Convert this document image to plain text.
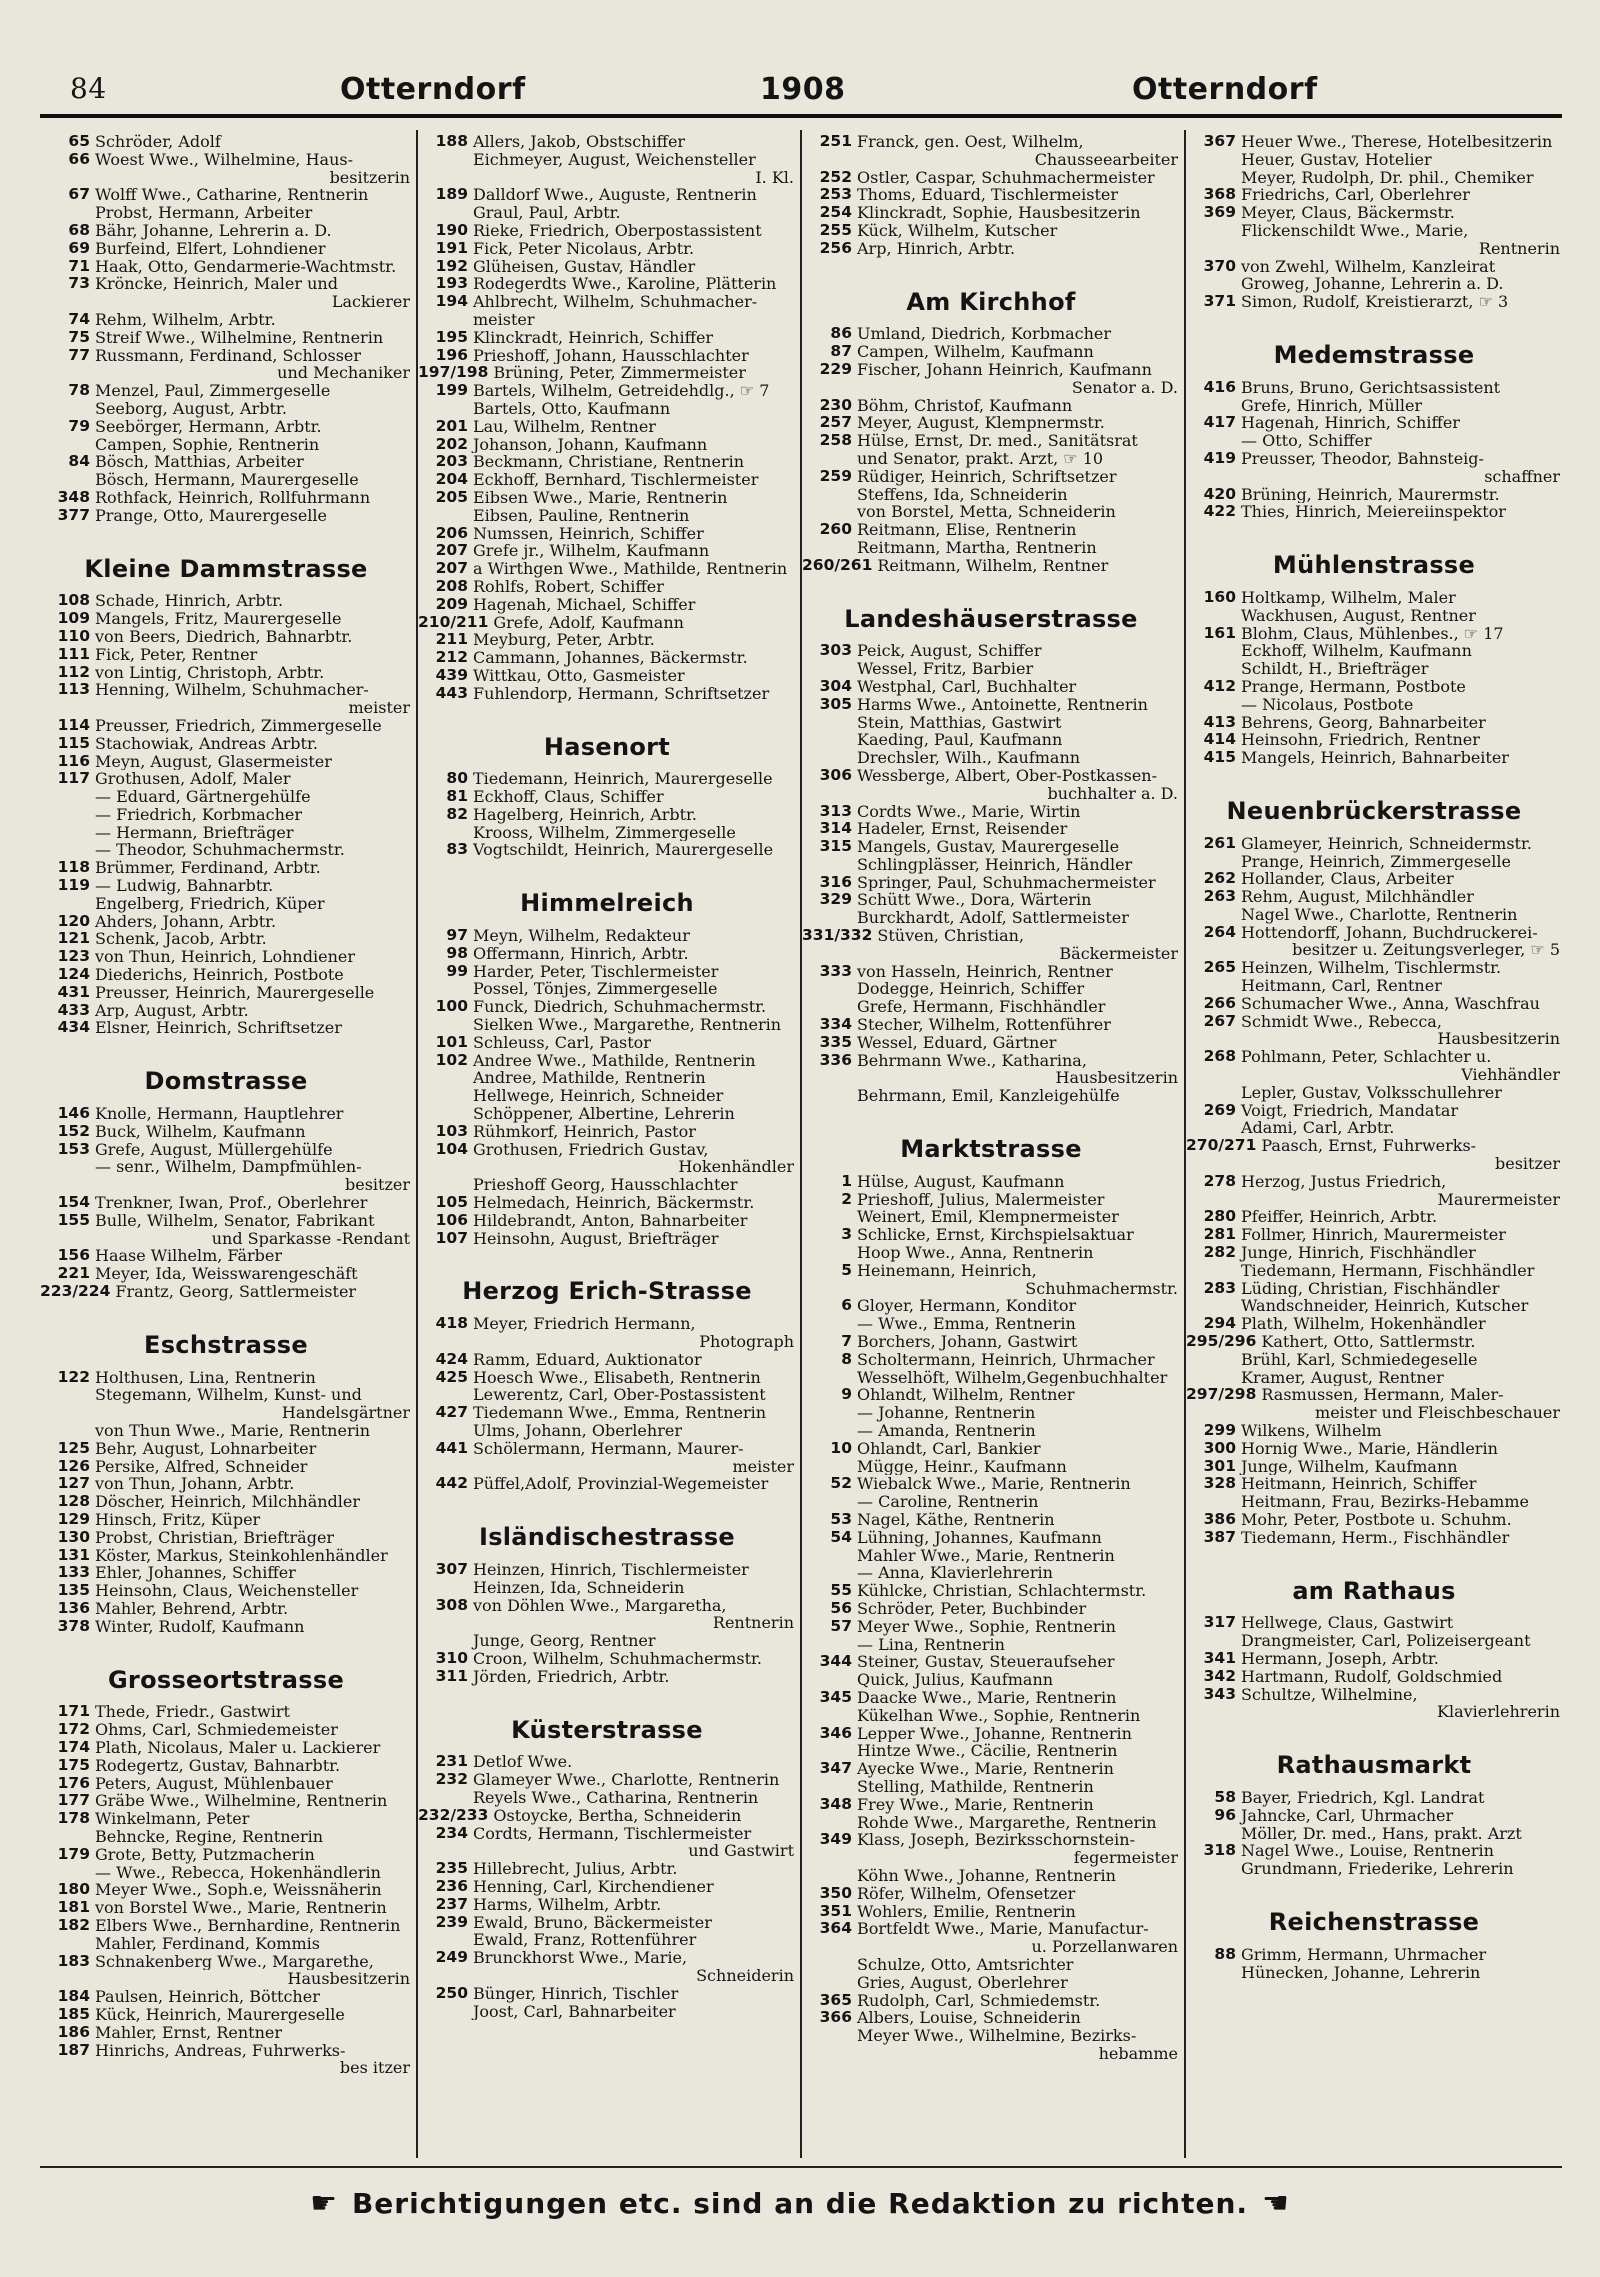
84	Otterndorf	1908	Otterndorf
65 Schröder, Adolf
66 Woest Wwe., Wilhelmine, Haus-
besitzerin
67 Wolff Wwe., Catharine, Rentnerin
Probst, Hermann, Arbeiter
68 Bähr, Johanne, Lehrerin a. D.
69 Burfeind, Elfert, Lohndiener
71 Haak, Otto, Gendarmerie-Wachtmstr.
73 Kröncke, Heinrich, Maler und
Lackierer
74 Rehm, Wilhelm, Arbtr.
75 Streif Wwe., Wilhelmine, Rentnerin
77 Russmann, Ferdinand, Schlosser
und Mechaniker
78 Menzel, Paul, Zimmergeselle
Seeborg, August, Arbtr.
79 Seebörger, Hermann, Arbtr.
Campen, Sophie, Rentnerin
84 Bösch, Matthias, Arbeiter
Bösch, Hermann, Maurergeselle
348 Rothfack, Heinrich, Rollfuhrmann
377 Prange, Otto, Maurergeselle
Kleine Dammstrasse
108 Schade, Hinrich, Arbtr.
109 Mangels, Fritz, Maurergeselle
110 von Beers, Diedrich, Bahnarbtr.
111 Fick, Peter, Rentner
112 von Lintig, Christoph, Arbtr.
113 Henning, Wilhelm, Schuhmacher-
meister
114 Preusser, Friedrich, Zimmergeselle
115 Stachowiak, Andreas Arbtr.
116 Meyn, August, Glasermeister
117 Grothusen, Adolf, Maler
— Eduard, Gärtnergehülfe
— Friedrich, Korbmacher
— Hermann, Briefträger
— Theodor, Schuhmachermstr.
118 Brümmer, Ferdinand, Arbtr.
119 — Ludwig, Bahnarbtr.
Engelberg, Friedrich, Küper
120 Ahders, Johann, Arbtr.
121 Schenk, Jacob, Arbtr.
123 von Thun, Heinrich, Lohndiener
124 Diederichs, Heinrich, Postbote
431 Preusser, Heinrich, Maurergeselle
433 Arp, August, Arbtr.
434 Elsner, Heinrich, Schriftsetzer
Domstrasse
146 Knolle, Hermann, Hauptlehrer
152 Buck, Wilhelm, Kaufmann
153 Grefe, August, Müllergehülfe
— senr., Wilhelm, Dampfmühlen-
besitzer
154 Trenkner, Iwan, Prof., Oberlehrer
155 Bulle, Wilhelm, Senator, Fabrikant
und Sparkasse -Rendant
156 Haase Wilhelm, Färber
221 Meyer, Ida, Weisswarengeschäft
223/224 Frantz, Georg, Sattlermeister
Eschstrasse
122 Holthusen, Lina, Rentnerin
Stegemann, Wilhelm, Kunst- und
Handelsgärtner
von Thun Wwe., Marie, Rentnerin
125 Behr, August, Lohnarbeiter
126 Persike, Alfred, Schneider
127 von Thun, Johann, Arbtr.
128 Döscher, Heinrich, Milchhändler
129 Hinsch, Fritz, Küper
130 Probst, Christian, Briefträger
131 Köster, Markus, Steinkohlenhändler
133 Ehler, Johannes, Schiffer
135 Heinsohn, Claus, Weichensteller
136 Mahler, Behrend, Arbtr.
378 Winter, Rudolf, Kaufmann
Grosseortstrasse
171 Thede, Friedr., Gastwirt
172 Ohms, Carl, Schmiedemeister
174 Plath, Nicolaus, Maler u. Lackierer
175 Rodegertz, Gustav, Bahnarbtr.
176 Peters, August, Mühlenbauer
177 Gräbe Wwe., Wilhelmine, Rentnerin
178 Winkelmann, Peter
Behncke, Regine, Rentnerin
179 Grote, Betty, Putzmacherin
— Wwe., Rebecca, Hokenhändlerin
180 Meyer Wwe., Soph.e, Weissnäherin
181 von Borstel Wwe., Marie, Rentnerin
182 Elbers Wwe., Bernhardine, Rentnerin
Mahler, Ferdinand, Kommis
183 Schnakenberg Wwe., Margarethe,
Hausbesitzerin
184 Paulsen, Heinrich, Böttcher
185 Kück, Heinrich, Maurergeselle
186 Mahler, Ernst, Rentner
187 Hinrichs, Andreas, Fuhrwerks-
bes itzer
188 Allers, Jakob, Obstschiffer
Eichmeyer, August, Weichensteller
I. Kl.
189 Dalldorf Wwe., Auguste, Rentnerin
Graul, Paul, Arbtr.
190 Rieke, Friedrich, Oberpostassistent
191 Fick, Peter Nicolaus, Arbtr.
192 Glüheisen, Gustav, Händler
193 Rodegerdts Wwe., Karoline, Plätterin
194 Ahlbrecht, Wilhelm, Schuhmacher-
meister
195 Klinckradt, Heinrich, Schiffer
196 Prieshoff, Johann, Hausschlachter
197/198 Brüning, Peter, Zimmermeister
199 Bartels, Wilhelm, Getreidehdlg., ☞ 7
Bartels, Otto, Kaufmann
201 Lau, Wilhelm, Rentner
202 Johanson, Johann, Kaufmann
203 Beckmann, Christiane, Rentnerin
204 Eckhoff, Bernhard, Tischlermeister
205 Eibsen Wwe., Marie, Rentnerin
Eibsen, Pauline, Rentnerin
206 Numssen, Heinrich, Schiffer
207 Grefe jr., Wilhelm, Kaufmann
207 a Wirthgen Wwe., Mathilde, Rentnerin
208 Rohlfs, Robert, Schiffer
209 Hagenah, Michael, Schiffer
210/211 Grefe, Adolf, Kaufmann
211 Meyburg, Peter, Arbtr.
212 Cammann, Johannes, Bäckermstr.
439 Wittkau, Otto, Gasmeister
443 Fuhlendorp, Hermann, Schriftsetzer
Hasenort
80 Tiedemann, Heinrich, Maurergeselle
81 Eckhoff, Claus, Schiffer
82 Hagelberg, Heinrich, Arbtr.
Krooss, Wilhelm, Zimmergeselle
83 Vogtschildt, Heinrich, Maurergeselle
Himmelreich
97 Meyn, Wilhelm, Redakteur
98 Offermann, Hinrich, Arbtr.
99 Harder, Peter, Tischlermeister
Possel, Tönjes, Zimmergeselle
100 Funck, Diedrich, Schuhmachermstr.
Sielken Wwe., Margarethe, Rentnerin
101 Schleuss, Carl, Pastor
102 Andree Wwe., Mathilde, Rentnerin
Andree, Mathilde, Rentnerin
Hellwege, Heinrich, Schneider
Schöppener, Albertine, Lehrerin
103 Rühmkorf, Heinrich, Pastor
104 Grothusen, Friedrich Gustav,
Hokenhändler
Prieshoff Georg, Hausschlachter
105 Helmedach, Heinrich, Bäckermstr.
106 Hildebrandt, Anton, Bahnarbeiter
107 Heinsohn, August, Briefträger
Herzog Erich-Strasse
418 Meyer, Friedrich Hermann,
Photograph
424 Ramm, Eduard, Auktionator
425 Hoesch Wwe., Elisabeth, Rentnerin
Lewerentz, Carl, Ober-Postassistent
427 Tiedemann Wwe., Emma, Rentnerin
Ulms, Johann, Oberlehrer
441 Schölermann, Hermann, Maurer-
meister
442 Püffel,Adolf, Provinzial-Wegemeister
Isländischestrasse
307 Heinzen, Hinrich, Tischlermeister
Heinzen, Ida, Schneiderin
308 von Döhlen Wwe., Margaretha,
Rentnerin
Junge, Georg, Rentner
310 Croon, Wilhelm, Schuhmachermstr.
311 Jörden, Friedrich, Arbtr.
Küsterstrasse
231 Detlof Wwe.
232 Glameyer Wwe., Charlotte, Rentnerin
Reyels Wwe., Catharina, Rentnerin
232/233 Ostoycke, Bertha, Schneiderin
234 Cordts, Hermann, Tischlermeister
und Gastwirt
235 Hillebrecht, Julius, Arbtr.
236 Henning, Carl, Kirchendiener
237 Harms, Wilhelm, Arbtr.
239 Ewald, Bruno, Bäckermeister
Ewald, Franz, Rottenführer
249 Brunckhorst Wwe., Marie,
Schneiderin
250 Bünger, Hinrich, Tischler
Joost, Carl, Bahnarbeiter
251 Franck, gen. Oest, Wilhelm,
Chausseearbeiter
252 Ostler, Caspar, Schuhmachermeister
253 Thoms, Eduard, Tischlermeister
254 Klinckradt, Sophie, Hausbesitzerin
255 Kück, Wilhelm, Kutscher
256 Arp, Hinrich, Arbtr.
Am Kirchhof
86 Umland, Diedrich, Korbmacher
87 Campen, Wilhelm, Kaufmann
229 Fischer, Johann Heinrich, Kaufmann
Senator a. D.
230 Böhm, Christof, Kaufmann
257 Meyer, August, Klempnermstr.
258 Hülse, Ernst, Dr. med., Sanitätsrat
und Senator, prakt. Arzt, ☞ 10
259 Rüdiger, Heinrich, Schriftsetzer
Steffens, Ida, Schneiderin
von Borstel, Metta, Schneiderin
260 Reitmann, Elise, Rentnerin
Reitmann, Martha, Rentnerin
260/261 Reitmann, Wilhelm, Rentner
Landeshäuserstrasse
303 Peick, August, Schiffer
Wessel, Fritz, Barbier
304 Westphal, Carl, Buchhalter
305 Harms Wwe., Antoinette, Rentnerin
Stein, Matthias, Gastwirt
Kaeding, Paul, Kaufmann
Drechsler, Wilh., Kaufmann
306 Wessberge, Albert, Ober-Postkassen-
buchhalter a. D.
313 Cordts Wwe., Marie, Wirtin
314 Hadeler, Ernst, Reisender
315 Mangels, Gustav, Maurergeselle
Schlingplässer, Heinrich, Händler
316 Springer, Paul, Schuhmachermeister
329 Schütt Wwe., Dora, Wärterin
Burckhardt, Adolf, Sattlermeister
331/332 Stüven, Christian,
Bäckermeister
333 von Hasseln, Heinrich, Rentner
Dodegge, Heinrich, Schiffer
Grefe, Hermann, Fischhändler
334 Stecher, Wilhelm, Rottenführer
335 Wessel, Eduard, Gärtner
336 Behrmann Wwe., Katharina,
Hausbesitzerin
Behrmann, Emil, Kanzleigehülfe
Marktstrasse
1 Hülse, August, Kaufmann
2 Prieshoff, Julius, Malermeister
Weinert, Emil, Klempnermeister
3 Schlicke, Ernst, Kirchspielsaktuar
Hoop Wwe., Anna, Rentnerin
5 Heinemann, Heinrich,
Schuhmachermstr.
6 Gloyer, Hermann, Konditor
— Wwe., Emma, Rentnerin
7 Borchers, Johann, Gastwirt
8 Scholtermann, Heinrich, Uhrmacher
Wesselhöft, Wilhelm,Gegenbuchhalter
9 Ohlandt, Wilhelm, Rentner
— Johanne, Rentnerin
— Amanda, Rentnerin
10 Ohlandt, Carl, Bankier
Mügge, Heinr., Kaufmann
52 Wiebalck Wwe., Marie, Rentnerin
— Caroline, Rentnerin
53 Nagel, Käthe, Rentnerin
54 Lühning, Johannes, Kaufmann
Mahler Wwe., Marie, Rentnerin
— Anna, Klavierlehrerin
55 Kühlcke, Christian, Schlachtermstr.
56 Schröder, Peter, Buchbinder
57 Meyer Wwe., Sophie, Rentnerin
— Lina, Rentnerin
344 Steiner, Gustav, Steueraufseher
Quick, Julius, Kaufmann
345 Daacke Wwe., Marie, Rentnerin
Kükelhan Wwe., Sophie, Rentnerin
346 Lepper Wwe., Johanne, Rentnerin
Hintze Wwe., Cäcilie, Rentnerin
347 Ayecke Wwe., Marie, Rentnerin
Stelling, Mathilde, Rentnerin
348 Frey Wwe., Marie, Rentnerin
Rohde Wwe., Margarethe, Rentnerin
349 Klass, Joseph, Bezirksschornstein-
fegermeister
Köhn Wwe., Johanne, Rentnerin
350 Röfer, Wilhelm, Ofensetzer
351 Wohlers, Emilie, Rentnerin
364 Bortfeldt Wwe., Marie, Manufactur-
u. Porzellanwaren
Schulze, Otto, Amtsrichter
Gries, August, Oberlehrer
365 Rudolph, Carl, Schmiedemstr.
366 Albers, Louise, Schneiderin
Meyer Wwe., Wilhelmine, Bezirks-
hebamme
367 Heuer Wwe., Therese, Hotelbesitzerin
Heuer, Gustav, Hotelier
Meyer, Rudolph, Dr. phil., Chemiker
368 Friedrichs, Carl, Oberlehrer
369 Meyer, Claus, Bäckermstr.
Flickenschildt Wwe., Marie,
Rentnerin
370 von Zwehl, Wilhelm, Kanzleirat
Groweg, Johanne, Lehrerin a. D.
371 Simon, Rudolf, Kreistierarzt, ☞ 3
Medemstrasse
416 Bruns, Bruno, Gerichtsassistent
Grefe, Hinrich, Müller
417 Hagenah, Hinrich, Schiffer
— Otto, Schiffer
419 Preusser, Theodor, Bahnsteig-
schaffner
420 Brüning, Heinrich, Maurermstr.
422 Thies, Hinrich, Meiereiinspektor
Mühlenstrasse
160 Holtkamp, Wilhelm, Maler
Wackhusen, August, Rentner
161 Blohm, Claus, Mühlenbes., ☞ 17
Eckhoff, Wilhelm, Kaufmann
Schildt, H., Briefträger
412 Prange, Hermann, Postbote
— Nicolaus, Postbote
413 Behrens, Georg, Bahnarbeiter
414 Heinsohn, Friedrich, Rentner
415 Mangels, Heinrich, Bahnarbeiter
Neuenbrückerstrasse
261 Glameyer, Heinrich, Schneidermstr.
Prange, Heinrich, Zimmergeselle
262 Hollander, Claus, Arbeiter
263 Rehm, August, Milchhändler
Nagel Wwe., Charlotte, Rentnerin
264 Hottendorff, Johann, Buchdruckerei-
besitzer u. Zeitungsverleger, ☞ 5
265 Heinzen, Wilhelm, Tischlermstr.
Heitmann, Carl, Rentner
266 Schumacher Wwe., Anna, Waschfrau
267 Schmidt Wwe., Rebecca,
Hausbesitzerin
268 Pohlmann, Peter, Schlachter u.
Viehhändler
Lepler, Gustav, Volksschullehrer
269 Voigt, Friedrich, Mandatar
Adami, Carl, Arbtr.
270/271 Paasch, Ernst, Fuhrwerks-
besitzer
278 Herzog, Justus Friedrich,
Maurermeister
280 Pfeiffer, Heinrich, Arbtr.
281 Follmer, Hinrich, Maurermeister
282 Junge, Hinrich, Fischhändler
Tiedemann, Hermann, Fischhändler
283 Lüding, Christian, Fischhändler
Wandschneider, Heinrich, Kutscher
294 Plath, Wilhelm, Hokenhändler
295/296 Kathert, Otto, Sattlermstr.
Brühl, Karl, Schmiedegeselle
Kramer, August, Rentner
297/298 Rasmussen, Hermann, Maler-
meister und Fleischbeschauer
299 Wilkens, Wilhelm
300 Hornig Wwe., Marie, Händlerin
301 Junge, Wilhelm, Kaufmann
328 Heitmann, Heinrich, Schiffer
Heitmann, Frau, Bezirks-Hebamme
386 Mohr, Peter, Postbote u. Schuhm.
387 Tiedemann, Herm., Fischhändler
am Rathaus
317 Hellwege, Claus, Gastwirt
Drangmeister, Carl, Polizeisergeant
341 Hermann, Joseph, Arbtr.
342 Hartmann, Rudolf, Goldschmied
343 Schultze, Wilhelmine,
Klavierlehrerin
Rathausmarkt
58 Bayer, Friedrich, Kgl. Landrat
96 Jahncke, Carl, Uhrmacher
Möller, Dr. med., Hans, prakt. Arzt
318 Nagel Wwe., Louise, Rentnerin
Grundmann, Friederike, Lehrerin
Reichenstrasse
88 Grimm, Hermann, Uhrmacher
Hünecken, Johanne, Lehrerin
☛ Berichtigungen etc. sind an die Redaktion zu richten. ☚
